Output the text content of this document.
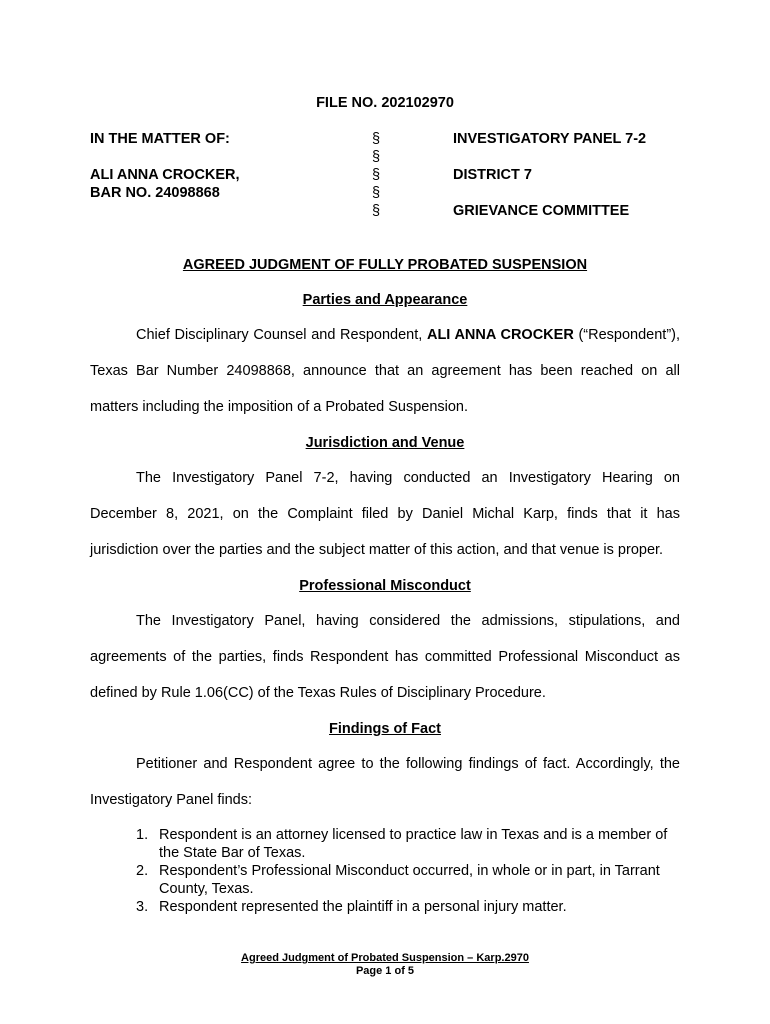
FILE NO. 202102970
IN THE MATTER OF:
ALI ANNA CROCKER,
BAR NO. 24098868
§
§
§
§
§
INVESTIGATORY PANEL 7-2
DISTRICT 7
GRIEVANCE COMMITTEE
AGREED JUDGMENT OF FULLY PROBATED SUSPENSION
Parties and Appearance
Chief Disciplinary Counsel and Respondent, ALI ANNA CROCKER (“Respondent”),
Texas Bar Number 24098868, announce that an agreement has been reached on all
matters including the imposition of a Probated Suspension.
Jurisdiction and Venue
The Investigatory Panel 7-2, having conducted an Investigatory Hearing on
December 8, 2021, on the Complaint filed by Daniel Michal Karp, finds that it has
jurisdiction over the parties and the subject matter of this action, and that venue is proper.
Professional Misconduct
The Investigatory Panel, having considered the admissions, stipulations, and
agreements of the parties, finds Respondent has committed Professional Misconduct as
defined by Rule 1.06(CC) of the Texas Rules of Disciplinary Procedure.
Findings of Fact
Petitioner and Respondent agree to the following findings of fact. Accordingly, the
Investigatory Panel finds:
1. Respondent is an attorney licensed to practice law in Texas and is a member of
the State Bar of Texas.
2. Respondent’s Professional Misconduct occurred, in whole or in part, in Tarrant
County, Texas.
3. Respondent represented the plaintiff in a personal injury matter.
Agreed Judgment of Probated Suspension – Karp.2970
Page 1 of 5
